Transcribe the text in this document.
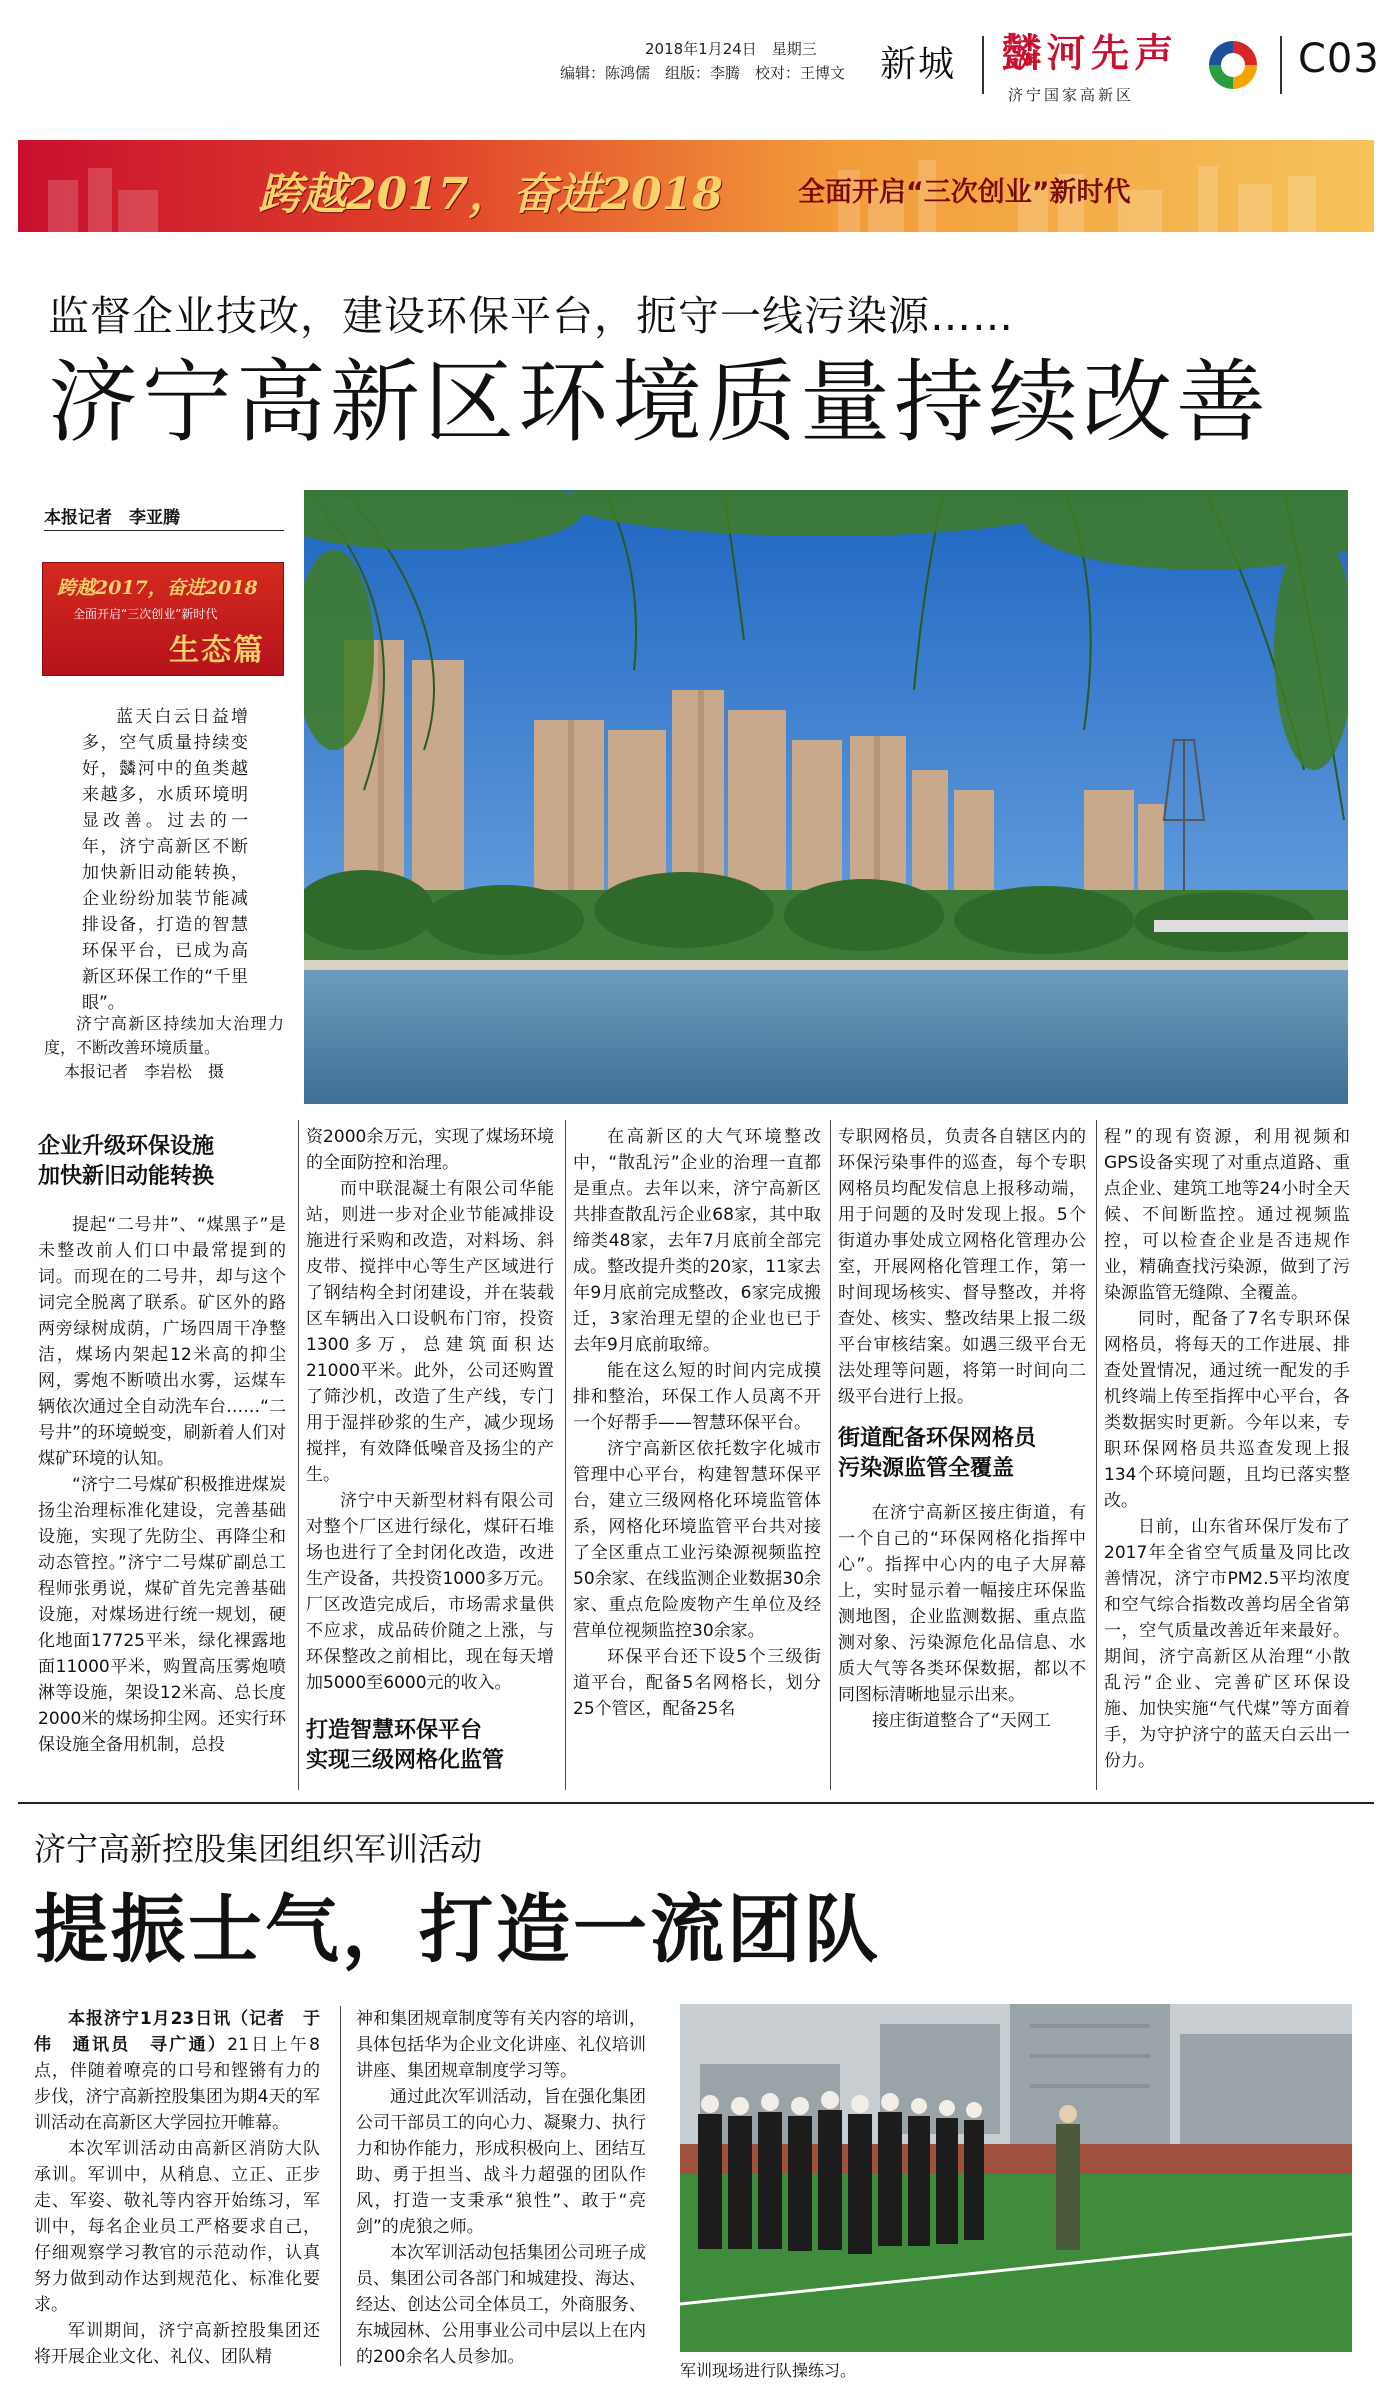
2018年1月24日　星期三
编辑：陈鸿儒　组版：李腾　校对：王博文 新城 𦨆河先声
济宁国家高新区
C03
跨越2017，奋进2018	全面开启“三次创业”新时代
监督企业技改，建设环保平台，扼守一线污染源……
济宁高新区环境质量持续改善
本报记者　李亚腾
跨越2017，奋进2018
全面开启“三次创业”新时代
生态篇

蓝天白云日益增多，空气质量持续变好，𦨆河中的鱼类越来越多，水质环境明显改善。过去的一年，济宁高新区不断加快新旧动能转换，企业纷纷加装节能减排设备，打造的智慧环保平台，已成为高新区环保工作的“千里眼”。

济宁高新区持续加大治理力度，不断改善环境质量。

本报记者　李岩松　摄

企业升级环保设施

加快新旧动能转换

提起“二号井”、“煤黑子”是未整改前人们口中最常提到的词。而现在的二号井，却与这个词完全脱离了联系。矿区外的路两旁绿树成荫，广场四周干净整洁，煤场内架起12米高的抑尘网，雾炮不断喷出水雾，运煤车辆依次通过全自动洗车台……“二号井”的环境蜕变，刷新着人们对煤矿环境的认知。

“济宁二号煤矿积极推进煤炭扬尘治理标准化建设，完善基础设施，实现了先防尘、再降尘和动态管控。”济宁二号煤矿副总工程师张勇说，煤矿首先完善基础设施，对煤场进行统一规划，硬化地面17725平米，绿化裸露地面11000平米，购置高压雾炮喷淋等设施，架设12米高、总长度2000米的煤场抑尘网。还实行环保设施全备用机制，总投

资2000余万元，实现了煤场环境的全面防控和治理。

而中联混凝土有限公司华能站，则进一步对企业节能减排设施进行采购和改造，对料场、斜皮带、搅拌中心等生产区域进行了钢结构全封闭建设，并在装载区车辆出入口设帆布门帘，投资1300多万，总建筑面积达21000平米。此外，公司还购置了筛沙机，改造了生产线，专门用于湿拌砂浆的生产，减少现场搅拌，有效降低噪音及扬尘的产生。

济宁中天新型材料有限公司对整个厂区进行绿化，煤矸石堆场也进行了全封闭化改造，改进生产设备，共投资1000多万元。厂区改造完成后，市场需求量供不应求，成品砖价随之上涨，与环保整改之前相比，现在每天增加5000至6000元的收入。

打造智慧环保平台

实现三级网格化监管

在高新区的大气环境整改中，“散乱污”企业的治理一直都是重点。去年以来，济宁高新区共排查散乱污企业68家，其中取缔类48家，去年7月底前全部完成。整改提升类的20家，11家去年9月底前完成整改，6家完成搬迁，3家治理无望的企业也已于去年9月底前取缔。

能在这么短的时间内完成摸排和整治，环保工作人员离不开一个好帮手——智慧环保平台。

济宁高新区依托数字化城市管理中心平台，构建智慧环保平台，建立三级网格化环境监管体系，网格化环境监管平台共对接了全区重点工业污染源视频监控50余家、在线监测企业数据30余家、重点危险废物产生单位及经营单位视频监控30余家。

环保平台还下设5个三级街道平台，配备5名网格长，划分25个管区，配备25名

专职网格员，负责各自辖区内的环保污染事件的巡查，每个专职网格员均配发信息上报移动端，用于问题的及时发现上报。5个街道办事处成立网格化管理办公室，开展网格化管理工作，第一时间现场核实、督导整改，并将查处、核实、整改结果上报二级平台审核结案。如遇三级平台无法处理等问题，将第一时间向二级平台进行上报。

街道配备环保网格员

污染源监管全覆盖

在济宁高新区接庄街道，有一个自己的“环保网格化指挥中心”。指挥中心内的电子大屏幕上，实时显示着一幅接庄环保监测地图，企业监测数据、重点监测对象、污染源危化品信息、水质大气等各类环保数据，都以不同图标清晰地显示出来。

接庄街道整合了“天网工

程”的现有资源，利用视频和GPS设备实现了对重点道路、重点企业、建筑工地等24小时全天候、不间断监控。通过视频监控，可以检查企业是否违规作业，精确查找污染源，做到了污染源监管无缝隙、全覆盖。

同时，配备了7名专职环保网格员，将每天的工作进展、排查处置情况，通过统一配发的手机终端上传至指挥中心平台，各类数据实时更新。今年以来，专职环保网格员共巡查发现上报134个环境问题，且均已落实整改。

日前，山东省环保厅发布了2017年全省空气质量及同比改善情况，济宁市PM2.5平均浓度和空气综合指数改善均居全省第一，空气质量改善近年来最好。期间，济宁高新区从治理“小散乱污”企业、完善矿区环保设施、加快实施“气代煤”等方面着手，为守护济宁的蓝天白云出一份力。

济宁高新控股集团组织军训活动
提振士气，打造一流团队

本报济宁1月23日讯（记者　于伟　通讯员　寻广通）21日上午8点，伴随着嘹亮的口号和铿锵有力的步伐，济宁高新控股集团为期4天的军训活动在高新区大学园拉开帷幕。

本次军训活动由高新区消防大队承训。军训中，从稍息、立正、正步走、军姿、敬礼等内容开始练习，军训中，每名企业员工严格要求自己，仔细观察学习教官的示范动作，认真努力做到动作达到规范化、标准化要求。

军训期间，济宁高新控股集团还将开展企业文化、礼仪、团队精

神和集团规章制度等有关内容的培训，具体包括华为企业文化讲座、礼仪培训讲座、集团规章制度学习等。

通过此次军训活动，旨在强化集团公司干部员工的向心力、凝聚力、执行力和协作能力，形成积极向上、团结互助、勇于担当、战斗力超强的团队作风，打造一支秉承“狼性”、敢于“亮剑”的虎狼之师。

本次军训活动包括集团公司班子成员、集团公司各部门和城建投、海达、经达、创达公司全体员工，外商服务、东城园林、公用事业公司中层以上在内的200余名人员参加。

军训现场进行队操练习。
